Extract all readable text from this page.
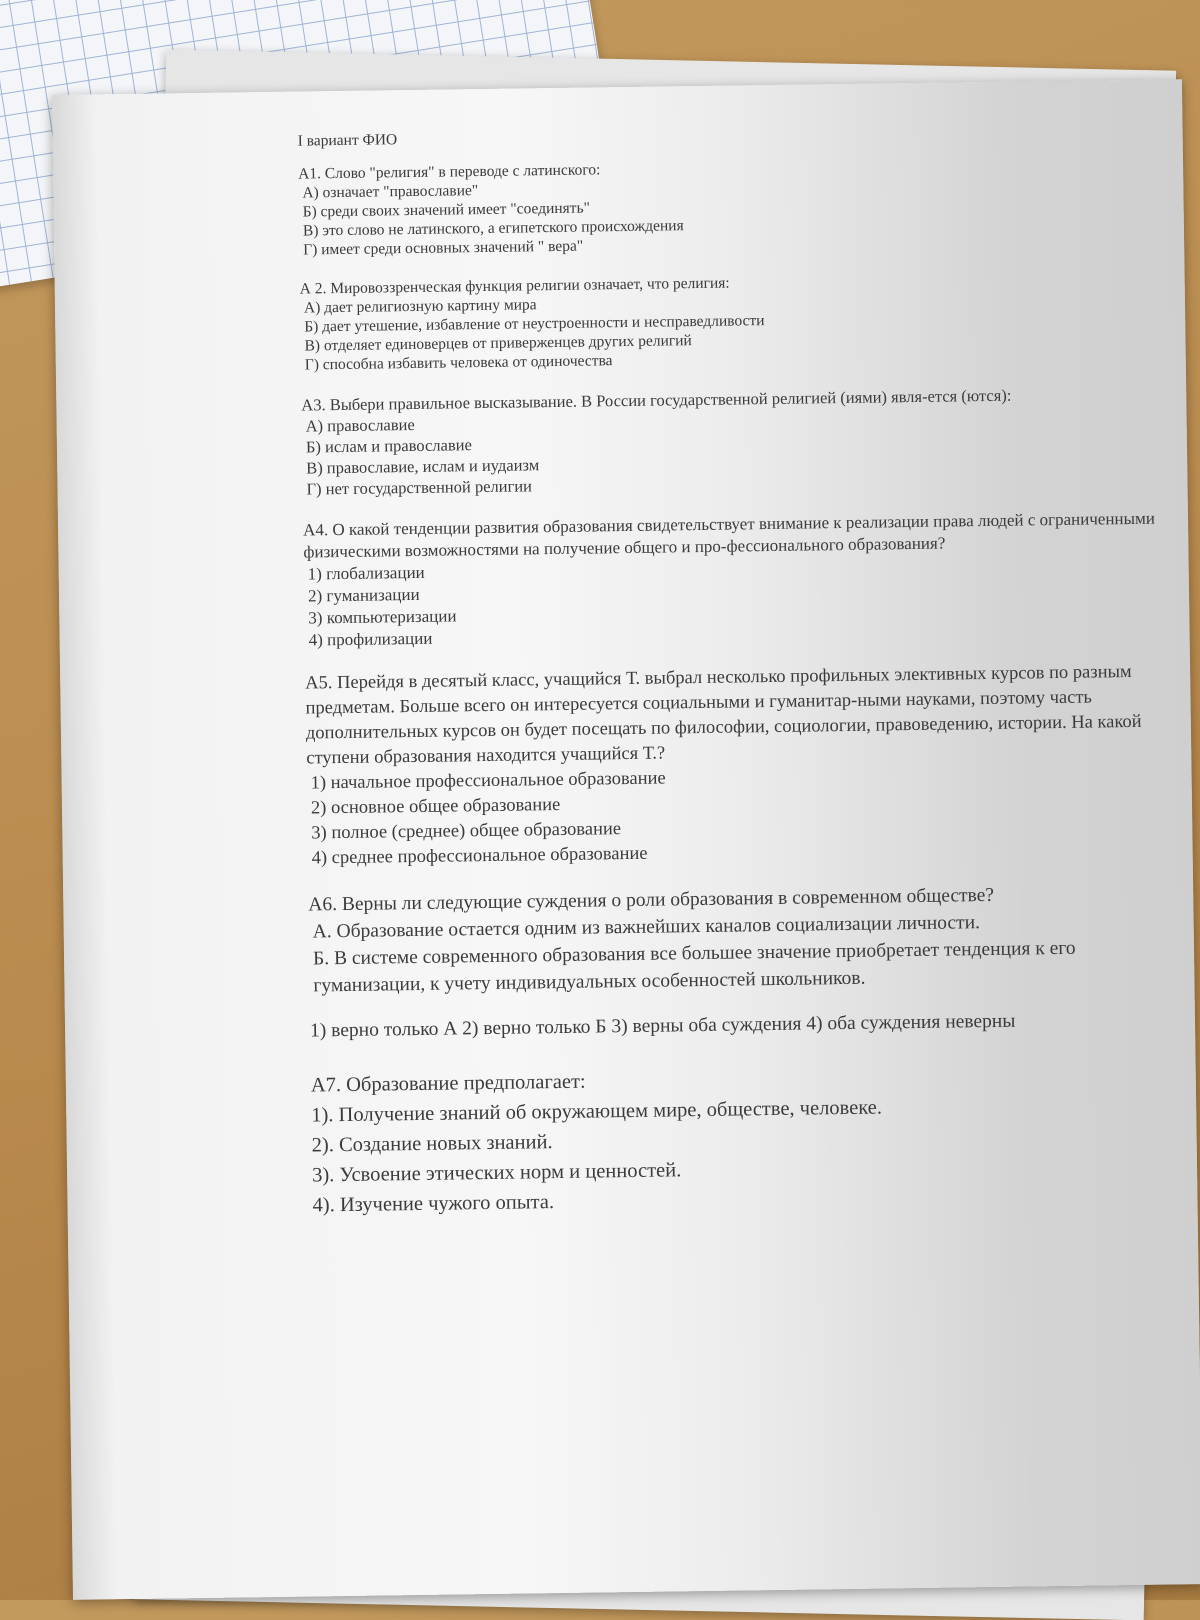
I вариант ФИО

А1. Слово "религия" в переводе с латинского:

А) означает "православие"

Б) среди своих значений имеет "соединять"

В) это слово не латинского, а египетского происхождения

Г) имеет среди основных значений " вера"

А 2. Мировоззренческая функция религии означает, что религия:

А) дает религиозную картину мира

Б) дает утешение, избавление от неустроенности и несправедливости

В) отделяет единоверцев от приверженцев других религий

Г) способна избавить человека от одиночества

А3. Выбери правильное высказывание. В России государственной религией (иями) явля-ется (ются):

А) православие

Б) ислам и православие

В) православие, ислам и иудаизм

Г) нет государственной религии

А4. О какой тенденции развития образования свидетельствует внимание к реализации права людей с ограниченными физическими возможностями на получение общего и про-фессионального образования?

1) глобализации

2) гуманизации

3) компьютеризации

4) профилизации

А5. Перейдя в десятый класс, учащийся Т. выбрал несколько профильных элективных курсов по разным предметам. Больше всего он интересуется социальными и гуманитар-ными науками, поэтому часть дополнительных курсов он будет посещать по философии, социологии, правоведению, истории. На какой ступени образования находится учащийся Т.?

1) начальное профессиональное образование

2) основное общее образование

3) полное (среднее) общее образование

4) среднее профессиональное образование

А6. Верны ли следующие суждения о роли образования в современном обществе?

А. Образование остается одним из важнейших каналов социализации личности.

Б. В системе современного образования все большее значение приобретает тенденция к его гуманизации, к учету индивидуальных особенностей школьников.

1) верно только А 2) верно только Б 3) верны оба суждения 4) оба суждения неверны

А7. Образование предполагает:

1). Получение знаний об окружающем мире, обществе, человеке.

2). Создание новых знаний.

3). Усвоение этических норм и ценностей.

4). Изучение чужого опыта.
